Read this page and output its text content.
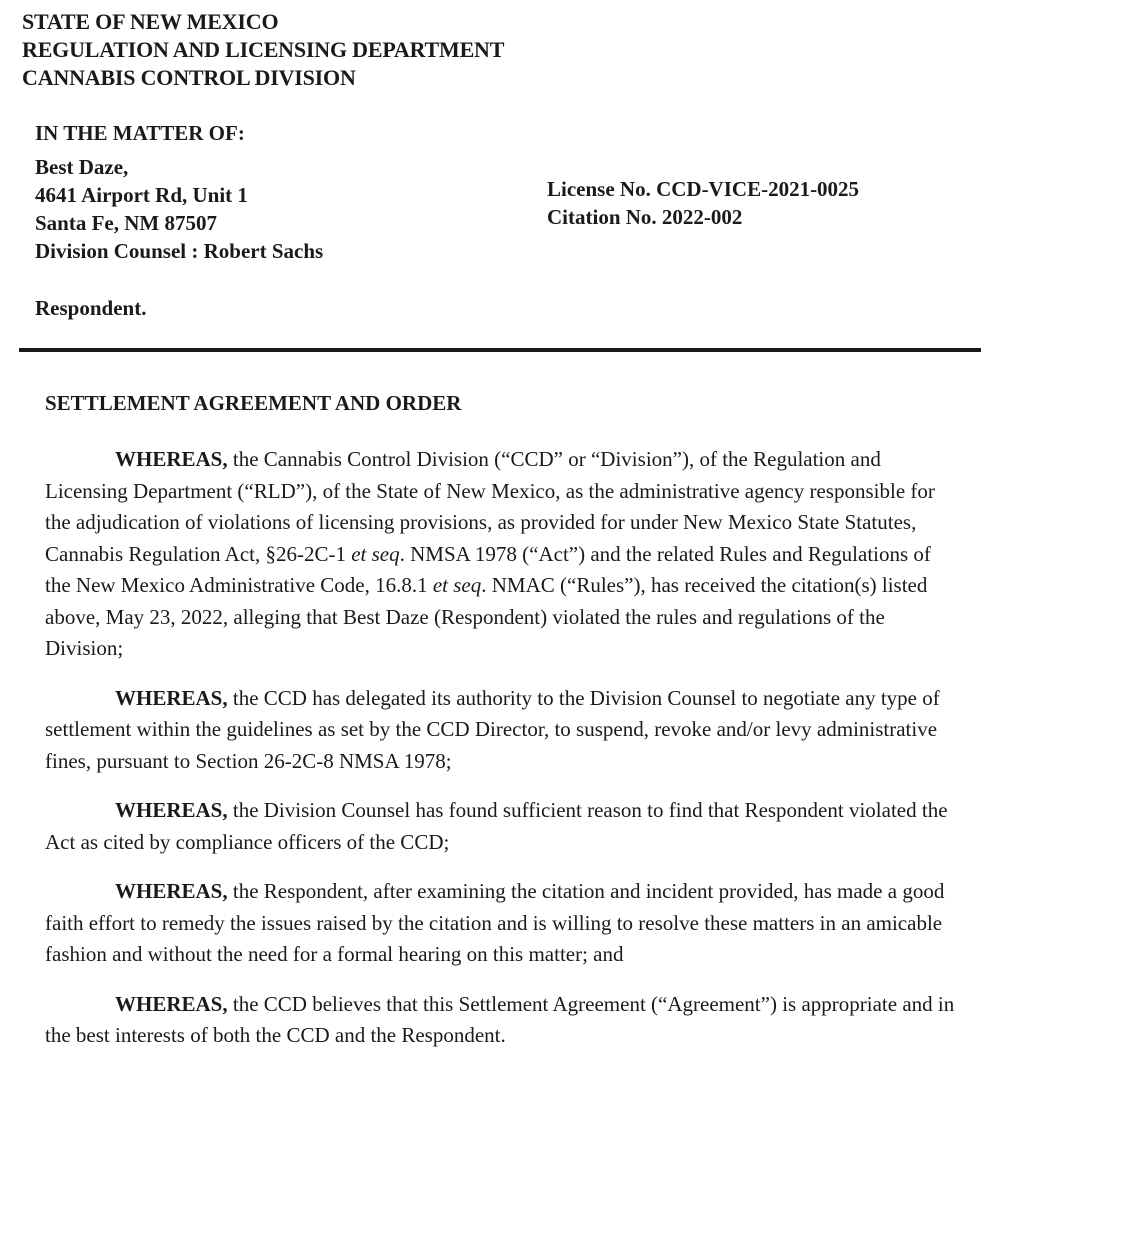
STATE OF NEW MEXICO
REGULATION AND LICENSING DEPARTMENT
CANNABIS CONTROL DIVISION
IN THE MATTER OF:
Best Daze,
4641 Airport Rd, Unit 1
Santa Fe, NM 87507
Division Counsel : Robert Sachs
License No. CCD-VICE-2021-0025
Citation No. 2022-002
Respondent.
SETTLEMENT AGREEMENT AND ORDER

WHEREAS, the Cannabis Control Division (“CCD” or “Division”), of the Regulation and Licensing Department (“RLD”), of the State of New Mexico, as the administrative agency responsible for the adjudication of violations of licensing provisions, as provided for under New Mexico State Statutes, Cannabis Regulation Act, §26-2C-1 et seq. NMSA 1978 (“Act”) and the related Rules and Regulations of the New Mexico Administrative Code, 16.8.1 et seq. NMAC (“Rules”), has received the citation(s) listed above, May 23, 2022, alleging that Best Daze (Respondent) violated the rules and regulations of the Division;

WHEREAS, the CCD has delegated its authority to the Division Counsel to negotiate any type of settlement within the guidelines as set by the CCD Director, to suspend, revoke and/or levy administrative fines, pursuant to Section 26-2C-8 NMSA 1978;

WHEREAS, the Division Counsel has found sufficient reason to find that Respondent violated the Act as cited by compliance officers of the CCD;

WHEREAS, the Respondent, after examining the citation and incident provided, has made a good faith effort to remedy the issues raised by the citation and is willing to resolve these matters in an amicable fashion and without the need for a formal hearing on this matter; and

WHEREAS, the CCD believes that this Settlement Agreement (“Agreement”) is appropriate and in the best interests of both the CCD and the Respondent.
